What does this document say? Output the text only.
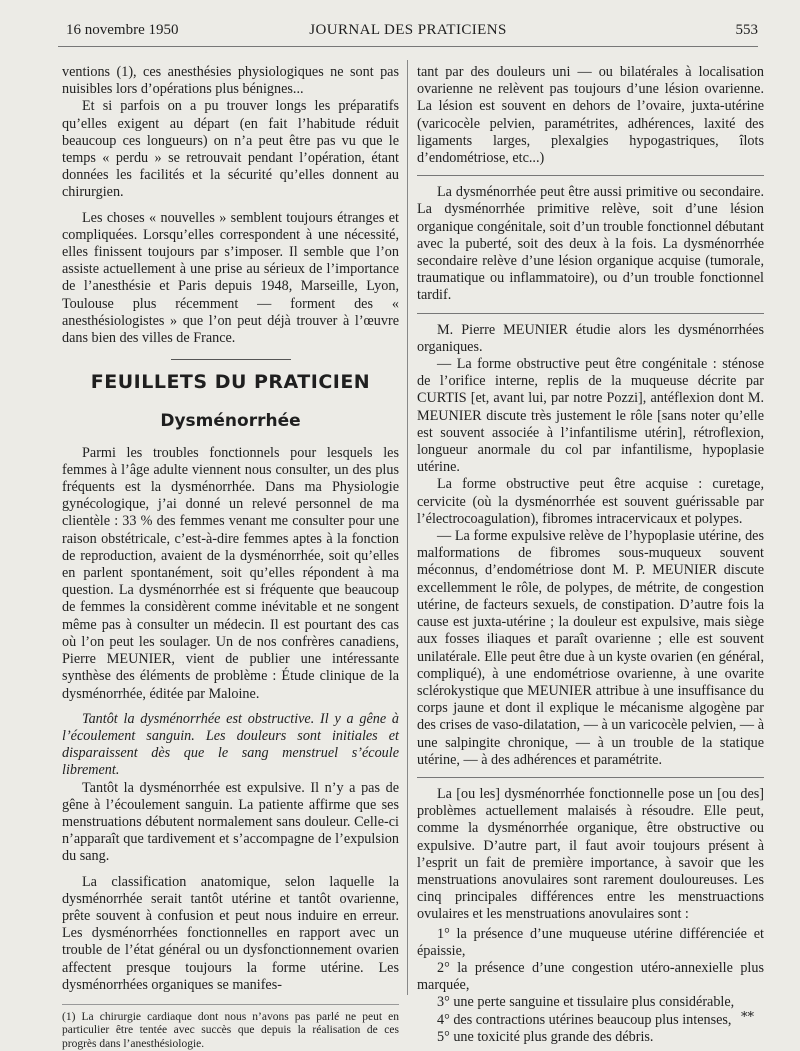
16 novembre 1950	JOURNAL DES PRATICIENS	553

ventions (1), ces anesthésies physiologiques ne sont pas nuisibles lors d’opérations plus bénignes...

Et si parfois on a pu trouver longs les préparatifs qu’elles exigent au départ (en fait l’habitude réduit beaucoup ces longueurs) on n’a peut être pas vu que le temps « perdu » se retrouvait pendant l’opération, étant données les facilités et la sécurité qu’elles donnent au chirurgien.

Les choses « nouvelles » semblent toujours étranges et compliquées. Lorsqu’elles correspondent à une nécessité, elles finissent toujours par s’imposer. Il semble que l’on assiste actuellement à une prise au sérieux de l’importance de l’anesthésie et Paris depuis 1948, Marseille, Lyon, Toulouse plus récemment — forment des « anesthésiologistes » que l’on peut déjà trouver à l’œuvre dans bien des villes de France.

FEUILLETS DU PRATICIEN
Dysménorrhée

Parmi les troubles fonctionnels pour lesquels les femmes à l’âge adulte viennent nous consulter, un des plus fréquents est la dysménorrhée. Dans ma Physiologie gynécologique, j’ai donné un relevé personnel de ma clientèle : 33 % des femmes venant me consulter pour une raison obstétricale, c’est-à-dire femmes aptes à la fonction de reproduction, avaient de la dysménorrhée, soit qu’elles en parlent spontanément, soit qu’elles répondent à ma question. La dysménorrhée est si fréquente que beaucoup de femmes la considèrent comme inévitable et ne songent même pas à consulter un médecin. Il est pourtant des cas où l’on peut les soulager. Un de nos confrères canadiens, Pierre MEUNIER, vient de publier une intéressante synthèse des éléments de problème : Étude clinique de la dysménorrhée, éditée par Maloine.

Tantôt la dysménorrhée est obstructive. Il y a gêne à l’écoulement sanguin. Les douleurs sont initiales et disparaissent dès que le sang menstruel s’écoule librement.

Tantôt la dysménorrhée est expulsive. Il n’y a pas de gêne à l’écoulement sanguin. La patiente affirme que ses menstruations débutent normalement sans douleur. Celle-ci n’apparaît que tardivement et s’accompagne de l’expulsion du sang.

La classification anatomique, selon laquelle la dysménorrhée serait tantôt utérine et tantôt ovarienne, prête souvent à confusion et peut nous induire en erreur. Les dysménorrhées fonctionnelles en rapport avec un trouble de l’état général ou un dysfonctionnement ovarien affectent presque toujours la forme utérine. Les dysménorrhées organiques se manifes-

(1) La chirurgie cardiaque dont nous n’avons pas parlé ne peut en particulier être tentée avec succès que depuis la réalisation de ces progrès dans l’anesthésiologie.

tant par des douleurs uni — ou bilatérales à localisation ovarienne ne relèvent pas toujours d’une lésion ovarienne. La lésion est souvent en dehors de l’ovaire, juxta-utérine (varicocèle pelvien, paramétrites, adhérences, laxité des ligaments larges, plexalgies hypogastriques, îlots d’endométriose, etc...)

La dysménorrhée peut être aussi primitive ou secondaire. La dysménorrhée primitive relève, soit d’une lésion organique congénitale, soit d’un trouble fonctionnel débutant avec la puberté, soit des deux à la fois. La dysménorrhée secondaire relève d’une lésion organique acquise (tumorale, traumatique ou inflammatoire), ou d’un trouble fonctionnel tardif.

M. Pierre MEUNIER étudie alors les dysménorrhées organiques.

— La forme obstructive peut être congénitale : sténose de l’orifice interne, replis de la muqueuse décrite par CURTIS [et, avant lui, par notre Pozzi], antéflexion dont M. MEUNIER discute très justement le rôle [sans noter qu’elle est souvent associée à l’infantilisme utérin], rétroflexion, longueur anormale du col par infantilisme, hypoplasie utérine.

La forme obstructive peut être acquise : curetage, cervicite (où la dysménorrhée est souvent guérissable par l’électrocoagulation), fibromes intracervicaux et polypes.

— La forme expulsive relève de l’hypoplasie utérine, des malformations de fibromes sous-muqueux souvent méconnus, d’endométriose dont M. P. MEUNIER discute excellemment le rôle, de polypes, de métrite, de congestion utérine, de facteurs sexuels, de constipation. D’autre fois la cause est juxta-utérine ; la douleur est expulsive, mais siège aux fosses iliaques et paraît ovarienne ; elle est souvent unilatérale. Elle peut être due à un kyste ovarien (en général, compliqué), à une endométriose ovarienne, à une ovarite sclérokystique que MEUNIER attribue à une insuffisance du corps jaune et dont il explique le mécanisme algogène par des crises de vaso-dilatation, — à un varicocèle pelvien, — à une salpingite chronique, — à un trouble de la statique utérine, — à des adhérences et paramétrite.

La [ou les] dysménorrhée fonctionnelle pose un [ou des] problèmes actuellement malaisés à résoudre. Elle peut, comme la dysménorrhée organique, être obstructive ou expulsive. D’autre part, il faut avoir toujours présent à l’esprit un fait de première importance, à savoir que les menstruations anovulaires sont rarement douloureuses. Les cinq principales différences entre les menstruactions ovulaires et les menstruations anovulaires sont :

1° la présence d’une muqueuse utérine différenciée et épaissie,

2° la présence d’une congestion utéro-annexielle plus marquée,

3° une perte sanguine et tissulaire plus considérable,

4° des contractions utérines beaucoup plus intenses,

5° une toxicité plus grande des débris.

**
